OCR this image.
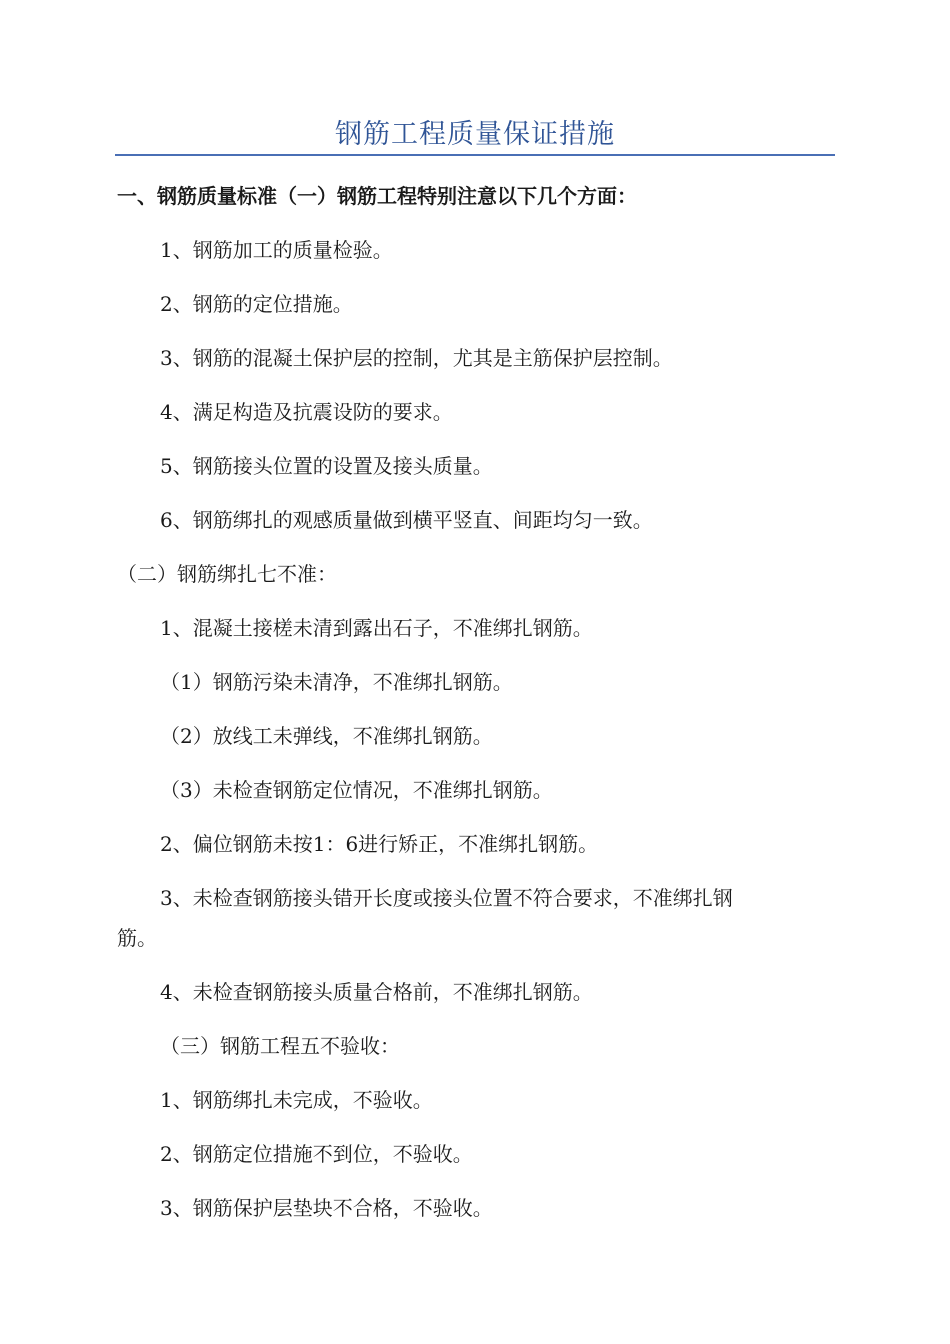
钢筋工程质量保证措施
一、钢筋质量标准（一）钢筋工程特别注意以下几个方面：
1、钢筋加工的质量检验。
2、钢筋的定位措施。
3、钢筋的混凝土保护层的控制，尤其是主筋保护层控制。
4、满足构造及抗震设防的要求。
5、钢筋接头位置的设置及接头质量。
6、钢筋绑扎的观感质量做到横平竖直、间距均匀一致。
（二）钢筋绑扎七不准：
1、混凝土接槎未清到露出石子，不准绑扎钢筋。
（1）钢筋污染未清净，不准绑扎钢筋。
（2）放线工未弹线，不准绑扎钢筋。
（3）未检查钢筋定位情况，不准绑扎钢筋。
2、偏位钢筋未按1：6进行矫正，不准绑扎钢筋。
3、未检查钢筋接头错开长度或接头位置不符合要求，不准绑扎钢
筋。
4、未检查钢筋接头质量合格前，不准绑扎钢筋。
（三）钢筋工程五不验收：
1、钢筋绑扎未完成，不验收。
2、钢筋定位措施不到位，不验收。
3、钢筋保护层垫块不合格，不验收。
